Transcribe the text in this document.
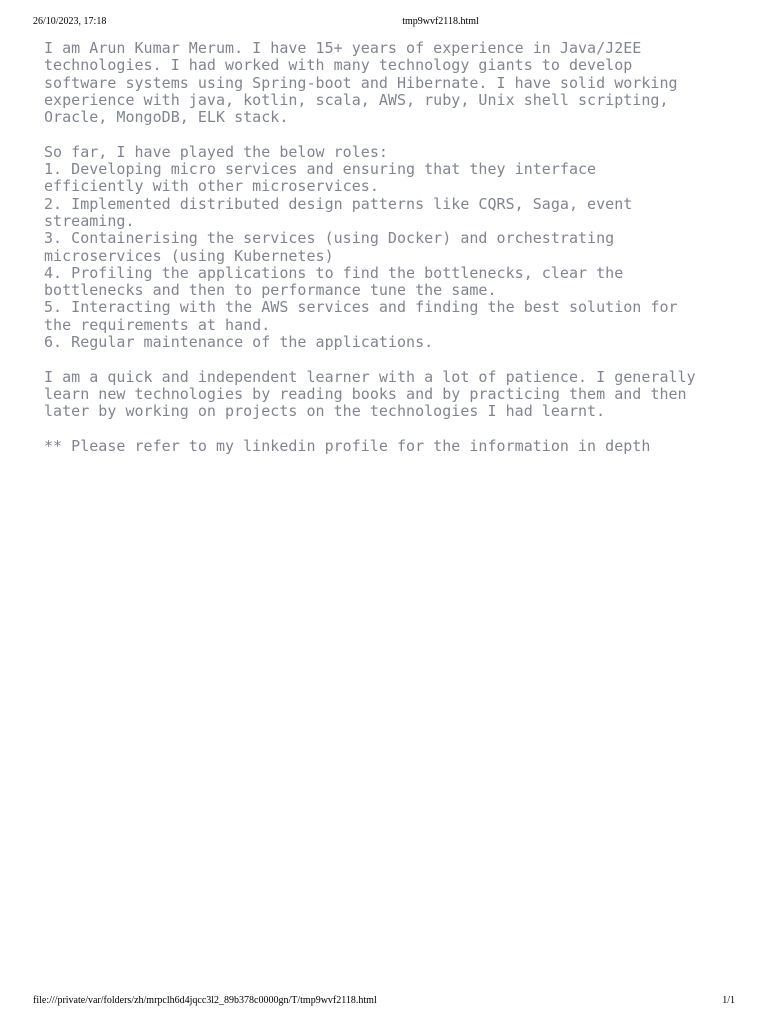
26/10/2023, 17:18	tmp9wvf2118.html
I am Arun Kumar Merum. I have 15+ years of experience in Java/J2EE
technologies. I had worked with many technology giants to develop
software systems using Spring-boot and Hibernate. I have solid working
experience with java, kotlin, scala, AWS, ruby, Unix shell scripting,
Oracle, MongoDB, ELK stack.
So far, I have played the below roles:
1. Developing micro services and ensuring that they interface
efficiently with other microservices.
2. Implemented distributed design patterns like CQRS, Saga, event
streaming.
3. Containerising the services (using Docker) and orchestrating
microservices (using Kubernetes)
4. Profiling the applications to find the bottlenecks, clear the
bottlenecks and then to performance tune the same.
5. Interacting with the AWS services and finding the best solution for
the requirements at hand.
6. Regular maintenance of the applications.
I am a quick and independent learner with a lot of patience. I generally
learn new technologies by reading books and by practicing them and then
later by working on projects on the technologies I had learnt.
** Please refer to my linkedin profile for the information in depth
file:///private/var/folders/zh/mrpclh6d4jqcc3l2_89b378c0000gn/T/tmp9wvf2118.html	1/1
